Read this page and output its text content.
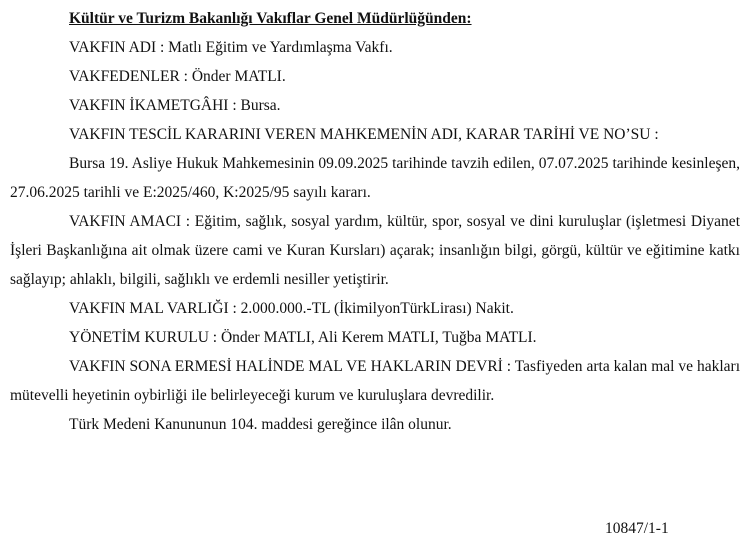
Kültür ve Turizm Bakanlığı Vakıflar Genel Müdürlüğünden:

VAKFIN ADI : Matlı Eğitim ve Yardımlaşma Vakfı.

VAKFEDENLER : Önder MATLI.

VAKFIN İKAMETGÂHI : Bursa.

VAKFIN TESCİL KARARINI VEREN MAHKEMENİN ADI, KARAR TARİHİ VE NO’SU :

Bursa 19. Asliye Hukuk Mahkemesinin 09.09.2025 tarihinde tavzih edilen, 07.07.2025 tarihinde kesinleşen, 27.06.2025 tarihli ve E:2025/460, K:2025/95 sayılı kararı.

VAKFIN AMACI : Eğitim, sağlık, sosyal yardım, kültür, spor, sosyal ve dini kuruluşlar (işletmesi Diyanet İşleri Başkanlığına ait olmak üzere cami ve Kuran Kursları) açarak; insanlığın bilgi, görgü, kültür ve eğitimine katkı sağlayıp; ahlaklı, bilgili, sağlıklı ve erdemli nesiller yetiştirir.

VAKFIN MAL VARLIĞI : 2.000.000.-TL (İkimilyonTürkLirası) Nakit.

YÖNETİM KURULU : Önder MATLI, Ali Kerem MATLI, Tuğba MATLI.

VAKFIN SONA ERMESİ HALİNDE MAL VE HAKLARIN DEVRİ : Tasfiyeden arta kalan mal ve hakları mütevelli heyetinin oybirliği ile belirleyeceği kurum ve kuruluşlara devredilir.

Türk Medeni Kanununun 104. maddesi gereğince ilân olunur.

10847/1-1
